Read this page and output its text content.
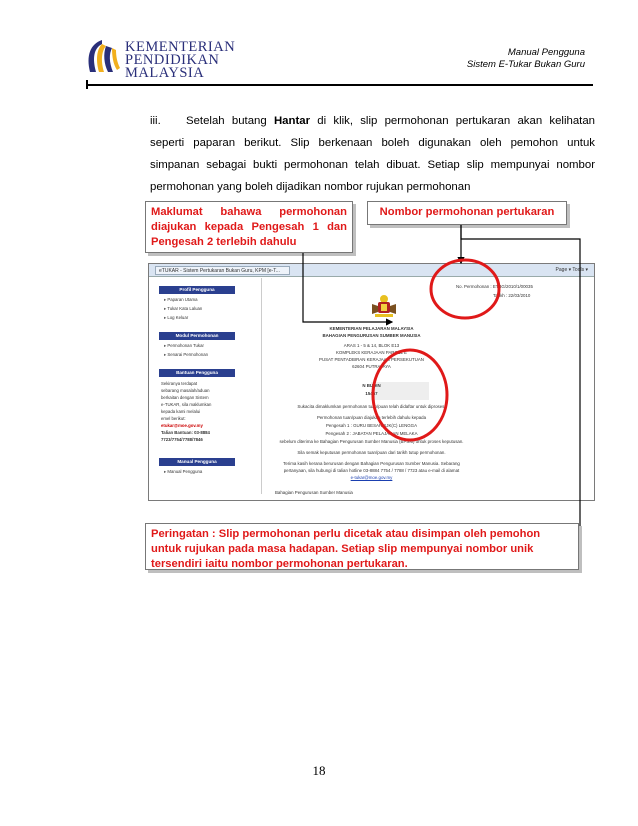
KEMENTERIAN
PENDIDIKAN
MALAYSIA
Manual Pengguna
Sistem E-Tukar Bukan Guru
iii.	Setelah butang Hantar di klik, slip permohonan pertukaran akan kelihatan
seperti paparan berikut. Slip berkenaan boleh digunakan oleh pemohon untuk
simpanan sebagai bukti permohonan telah dibuat. Setiap slip mempunyai nombor
permohonan yang boleh dijadikan nombor rujukan permohonan
Maklumat bahawa permohonan
diajukan kepada Pengesah 1 dan
Pengesah 2 terlebih dahulu
Nombor permohonan pertukaran
eTUKAR - Sistem Pertukaran Bukan Guru, KPM [e-T...	Page ▾ Tools ▾
Profil Pengguna
▸ Paparan Utama
▸ Tukar Kata Laluan
▸ Log Keluar
Modul Permohonan
▸ Permohonan Tukar
▸ Senarai Permohonan
Bantuan Pengguna
Sekiranya terdapat
sebarang masalah/aduan
berkaitan dengan Sistem
e-TUKAR, sila maklumkan
kepada kami melalui
emel berikut:
etukar@moe.gov.my
Talian Bantuan: 03-8884
7723/7754/7788/7846
Manual Pengguna
▸ Manual Pengguna
No. Permohonan : ETBG/2010/1/00035
Tarikh : 22/03/2010
KEMENTERIAN PELAJARAN MALAYSIA
BAHAGIAN PENGURUSAN SUMBER MANUSIA
ARAS 1 - 5 & 14, BLOK E13
KOMPLEKS KERAJAAN PARCEL E
PUSAT PENTADBIRAN KERAJAAN PERSEKUTUAN
62604 PUTRAJAYA
N BUDIN
15467
Sukacita dimaklumkan permohonan tuan/puan telah didaftar untuk diproses.
Permohonan tuan/puan diajukan terlebih dahulu kepada
Pengesah 1 : GURU BESAR SJK(C) LENGGA
Pengesah 2 : JABATAN PELAJARAN MELAKA
sebelum diterima ke Bahagian Pengurusan Sumber Manusia (BPSM) untuk proses keputusan.
Sila semak keputusan permohonan tuan/puan dari tarikh tutup permohonan.
Terima kasih kerana berurusan dengan Bahagian Pengurusan Sumber Manusia. Sebarang
pertanyaan, sila hubungi di talian hotline 03-8884 7754 / 7788 / 7723 atau e-mail di alamat
e-tukar@moe.gov.my
Bahagian Pengurusan Sumber Manusia
Peringatan : Slip permohonan perlu dicetak atau disimpan oleh pemohon
untuk rujukan pada masa hadapan. Setiap slip mempunyai nombor unik
tersendiri iaitu nombor permohonan pertukaran.
18
